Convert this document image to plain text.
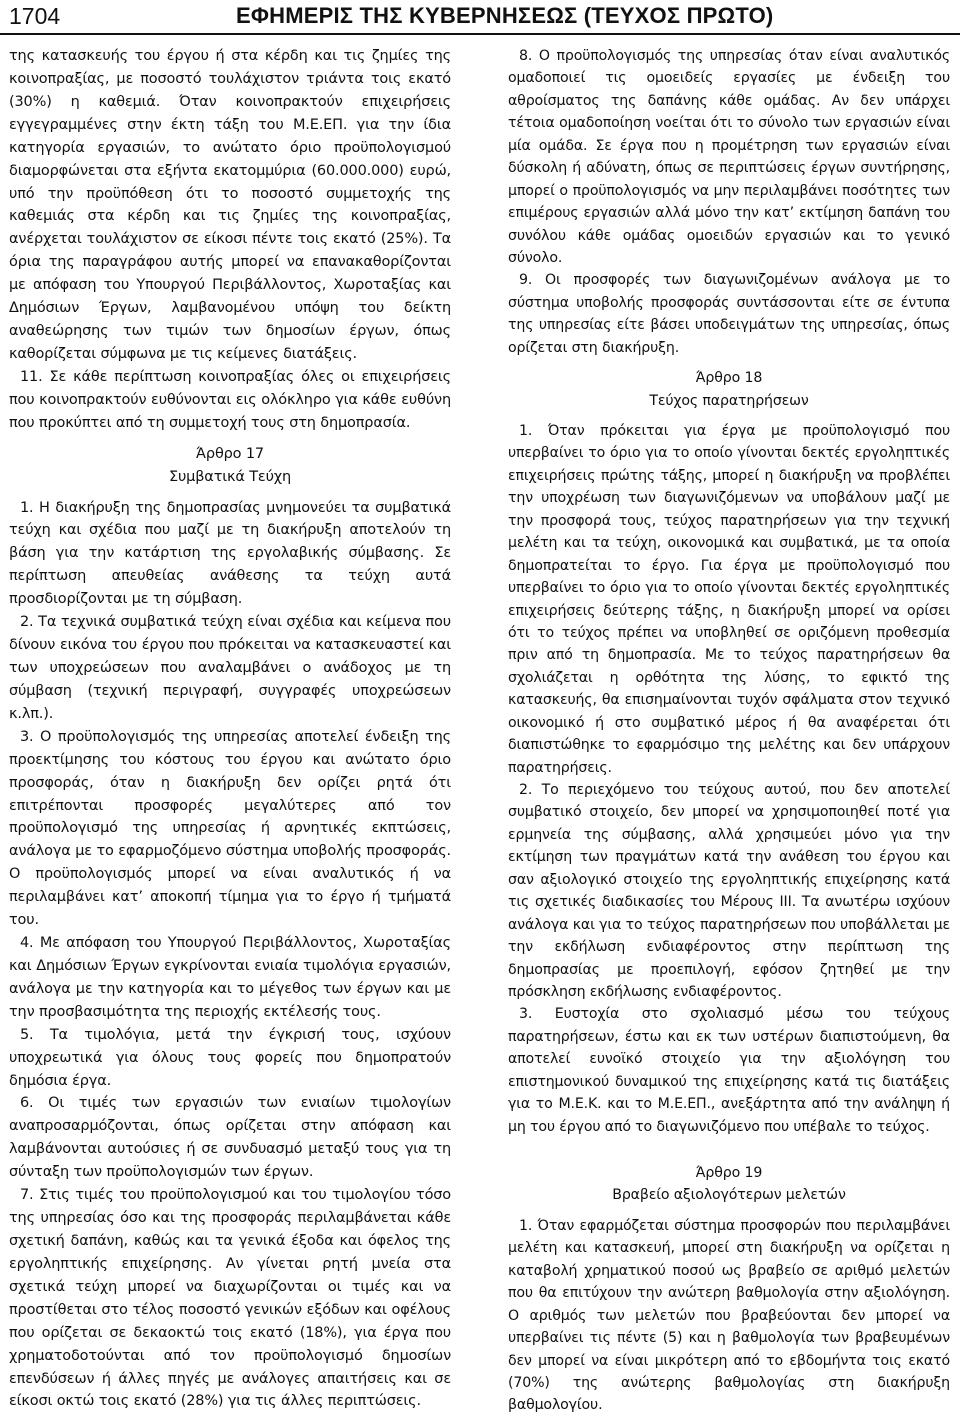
1704	ΕΦΗΜΕΡΙΣ ΤΗΣ ΚΥΒΕΡΝΗΣΕΩΣ (ΤΕΥΧΟΣ ΠΡΩΤΟ)

της κατασκευής του έργου ή στα κέρδη και τις ζημίες της κοινοπραξίας, με ποσοστό τουλάχιστον τριάντα τοις εκατό (30%) η καθεμιά. Όταν κοινοπρακτούν επιχειρήσεις εγγεγραμμένες στην έκτη τάξη του Μ.Ε.ΕΠ. για την ίδια κατηγορία εργασιών, το ανώτατο όριο προϋπολογισμού διαμορφώνεται στα εξήντα εκατομμύρια (60.000.000) ευρώ, υπό την προϋπόθεση ότι το ποσοστό συμμετοχής της καθεμιάς στα κέρδη και τις ζημίες της κοινοπραξίας, ανέρχεται τουλάχιστον σε είκοσι πέντε τοις εκατό (25%). Τα όρια της παραγράφου αυτής μπορεί να επανακαθορίζονται με απόφαση του Υπουργού Περιβάλλοντος, Χωροταξίας και Δημόσιων Έργων, λαμβανομένου υπόψη του δείκτη αναθεώρησης των τιμών των δημοσίων έργων, όπως καθορίζεται σύμφωνα με τις κείμενες διατάξεις.

11. Σε κάθε περίπτωση κοινοπραξίας όλες οι επιχειρήσεις που κοινοπρακτούν ευθύνονται εις ολόκληρο για κάθε ευθύνη που προκύπτει από τη συμμετοχή τους στη δημοπρασία.

Άρθρο 17

Συμβατικά Τεύχη

1. Η διακήρυξη της δημοπρασίας μνημονεύει τα συμβατικά τεύχη και σχέδια που μαζί με τη διακήρυξη αποτελούν τη βάση για την κατάρτιση της εργολαβικής σύμβασης. Σε περίπτωση απευθείας ανάθεσης τα τεύχη αυτά προσδιορίζονται με τη σύμβαση.

2. Τα τεχνικά συμβατικά τεύχη είναι σχέδια και κείμενα που δίνουν εικόνα του έργου που πρόκειται να κατασκευαστεί και των υποχρεώσεων που αναλαμβάνει ο ανάδοχος με τη σύμβαση (τεχνική περιγραφή, συγγραφές υποχρεώσεων κ.λπ.).

3. Ο προϋπολογισμός της υπηρεσίας αποτελεί ένδειξη της προεκτίμησης του κόστους του έργου και ανώτατο όριο προσφοράς, όταν η διακήρυξη δεν ορίζει ρητά ότι επιτρέπονται προσφορές μεγαλύτερες από τον προϋπολογισμό της υπηρεσίας ή αρνητικές εκπτώσεις, ανάλογα με το εφαρμοζόμενο σύστημα υποβολής προσφοράς. Ο προϋπολογισμός μπορεί να είναι αναλυτικός ή να περιλαμβάνει κατ’ αποκοπή τίμημα για το έργο ή τμήματά του.

4. Με απόφαση του Υπουργού Περιβάλλοντος, Χωροταξίας και Δημόσιων Έργων εγκρίνονται ενιαία τιμολόγια εργασιών, ανάλογα με την κατηγορία και το μέγεθος των έργων και με την προσβασιμότητα της περιοχής εκτέλεσής τους.

5. Τα τιμολόγια, μετά την έγκρισή τους, ισχύουν υποχρεωτικά για όλους τους φορείς που δημοπρατούν δημόσια έργα.

6. Οι τιμές των εργασιών των ενιαίων τιμολογίων αναπροσαρμόζονται, όπως ορίζεται στην απόφαση και λαμβάνονται αυτούσιες ή σε συνδυασμό μεταξύ τους για τη σύνταξη των προϋπολογισμών των έργων.

7. Στις τιμές του προϋπολογισμού και του τιμολογίου τόσο της υπηρεσίας όσο και της προσφοράς περιλαμβάνεται κάθε σχετική δαπάνη, καθώς και τα γενικά έξοδα και όφελος της εργοληπτικής επιχείρησης. Αν γίνεται ρητή μνεία στα σχετικά τεύχη μπορεί να διαχωρίζονται οι τιμές και να προστίθεται στο τέλος ποσοστό γενικών εξόδων και οφέλους που ορίζεται σε δεκαοκτώ τοις εκατό (18%), για έργα που χρηματοδοτούνται από τον προϋπολογισμό δημοσίων επενδύσεων ή άλλες πηγές με ανάλογες απαιτήσεις και σε είκοσι οκτώ τοις εκατό (28%) για τις άλλες περιπτώσεις.

8. Ο προϋπολογισμός της υπηρεσίας όταν είναι αναλυτικός ομαδοποιεί τις ομοειδείς εργασίες με ένδειξη του αθροίσματος της δαπάνης κάθε ομάδας. Αν δεν υπάρχει τέτοια ομαδοποίηση νοείται ότι το σύνολο των εργασιών είναι μία ομάδα. Σε έργα που η προμέτρηση των εργασιών είναι δύσκολη ή αδύνατη, όπως σε περιπτώσεις έργων συντήρησης, μπορεί ο προϋπολογισμός να μην περιλαμβάνει ποσότητες των επιμέρους εργασιών αλλά μόνο την κατ’ εκτίμηση δαπάνη του συνόλου κάθε ομάδας ομοειδών εργασιών και το γενικό σύνολο.

9. Οι προσφορές των διαγωνιζομένων ανάλογα με το σύστημα υποβολής προσφοράς συντάσσονται είτε σε έντυπα της υπηρεσίας είτε βάσει υποδειγμάτων της υπηρεσίας, όπως ορίζεται στη διακήρυξη.

Άρθρο 18

Τεύχος παρατηρήσεων

1. Όταν πρόκειται για έργα με προϋπολογισμό που υπερβαίνει το όριο για το οποίο γίνονται δεκτές εργοληπτικές επιχειρήσεις πρώτης τάξης, μπορεί η διακήρυξη να προβλέπει την υποχρέωση των διαγωνιζόμενων να υποβάλουν μαζί με την προσφορά τους, τεύχος παρατηρήσεων για την τεχνική μελέτη και τα τεύχη, οικονομικά και συμβατικά, με τα οποία δημοπρατείται το έργο. Για έργα με προϋπολογισμό που υπερβαίνει το όριο για το οποίο γίνονται δεκτές εργοληπτικές επιχειρήσεις δεύτερης τάξης, η διακήρυξη μπορεί να ορίσει ότι το τεύχος πρέπει να υποβληθεί σε οριζόμενη προθεσμία πριν από τη δημοπρασία. Με το τεύχος παρατηρήσεων θα σχολιάζεται η ορθότητα της λύσης, το εφικτό της κατασκευής, θα επισημαίνονται τυχόν σφάλματα στον τεχνικό οικονομικό ή στο συμβατικό μέρος ή θα αναφέρεται ότι διαπιστώθηκε το εφαρμόσιμο της μελέτης και δεν υπάρχουν παρατηρήσεις.

2. Το περιεχόμενο του τεύχους αυτού, που δεν αποτελεί συμβατικό στοιχείο, δεν μπορεί να χρησιμοποιηθεί ποτέ για ερμηνεία της σύμβασης, αλλά χρησιμεύει μόνο για την εκτίμηση των πραγμάτων κατά την ανάθεση του έργου και σαν αξιολογικό στοιχείο της εργοληπτικής επιχείρησης κατά τις σχετικές διαδικασίες του Μέρους ΙΙΙ. Τα ανωτέρω ισχύουν ανάλογα και για το τεύχος παρατηρήσεων που υποβάλλεται με την εκδήλωση ενδιαφέροντος στην περίπτωση της δημοπρασίας με προεπιλογή, εφόσον ζητηθεί με την πρόσκληση εκδήλωσης ενδιαφέροντος.

3. Ευστοχία στο σχολιασμό μέσω του τεύχους παρατηρήσεων, έστω και εκ των υστέρων διαπιστούμενη, θα αποτελεί ευνοϊκό στοιχείο για την αξιολόγηση του επιστημονικού δυναμικού της επιχείρησης κατά τις διατάξεις για το Μ.Ε.Κ. και το Μ.Ε.ΕΠ., ανεξάρτητα από την ανάληψη ή μη του έργου από το διαγωνιζόμενο που υπέβαλε το τεύχος.

Άρθρο 19

Βραβείο αξιολογότερων μελετών

1. Όταν εφαρμόζεται σύστημα προσφορών που περιλαμβάνει μελέτη και κατασκευή, μπορεί στη διακήρυξη να ορίζεται η καταβολή χρηματικού ποσού ως βραβείο σε αριθμό μελετών που θα επιτύχουν την ανώτερη βαθμολογία στην αξιολόγηση. Ο αριθμός των μελετών που βραβεύονται δεν μπορεί να υπερβαίνει τις πέντε (5) και η βαθμολογία των βραβευμένων δεν μπορεί να είναι μικρότερη από το εβδομήντα τοις εκατό (70%) της ανώτερης βαθμολογίας στη διακήρυξη βαθμολογίου.
